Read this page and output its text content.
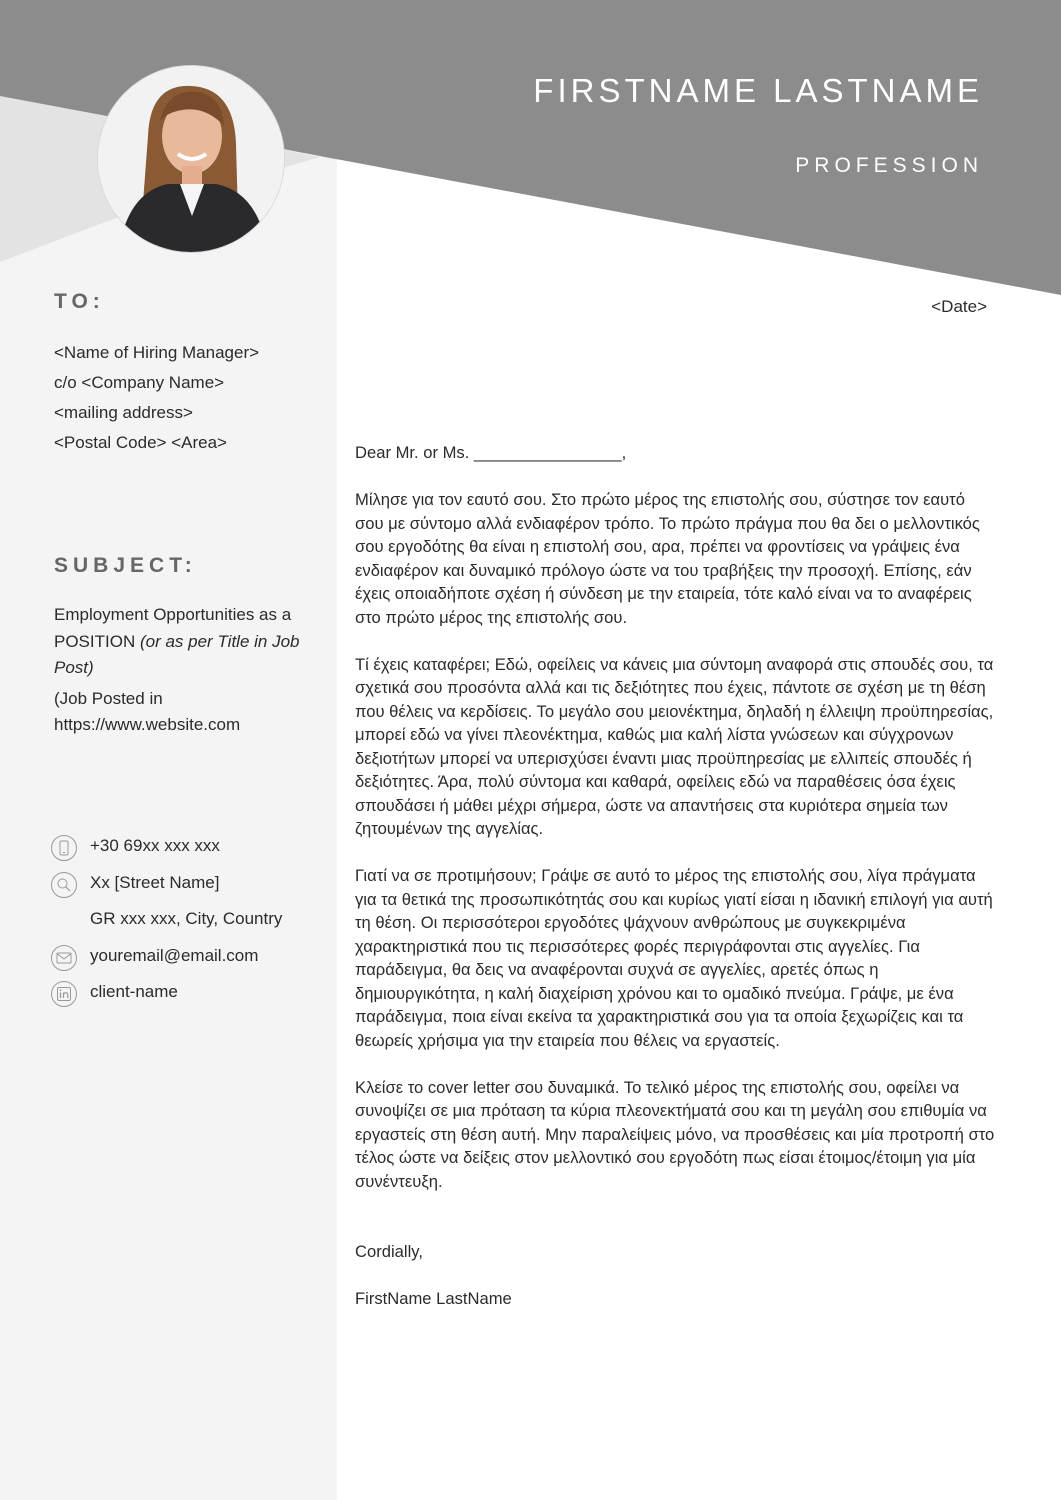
FIRSTNAME LASTNAME
PROFESSION
TO:
<Name of Hiring Manager>
c/o <Company Name>
<mailing address>
<Postal Code> <Area>
SUBJECT:
Employment Opportunities as a POSITION (or as per Title in Job Post)
(Job Posted in https://www.website.com
+30 69xx xxx xxx
Xx [Street Name]
GR xxx xxx, City, Country
youremail@email.com
client-name
<Date>

Dear Mr. or Ms. ________________,

Μίλησε για τον εαυτό σου. Στο πρώτο μέρος της επιστολής σου, σύστησε τον εαυτό σου με σύντομο αλλά ενδιαφέρον τρόπο. Το πρώτο πράγμα που θα δει ο μελλοντικός σου εργοδότης θα είναι η επιστολή σου, αρα, πρέπει να φροντίσεις να γράψεις ένα ενδιαφέρον και δυναμικό πρόλογο ώστε να του τραβήξεις την προσοχή. Επίσης, εάν έχεις οποιαδήποτε σχέση ή σύνδεση με την εταιρεία, τότε καλό είναι να το αναφέρεις στο πρώτο μέρος της επιστολής σου.

Τί έχεις καταφέρει; Εδώ, οφείλεις να κάνεις μια σύντομη αναφορά στις σπουδές σου, τα σχετικά σου προσόντα αλλά και τις δεξιότητες που έχεις, πάντοτε σε σχέση με τη θέση που θέλεις να κερδίσεις. Το μεγάλο σου μειονέκτημα, δηλαδή η έλλειψη προϋπηρεσίας, μπορεί εδώ να γίνει πλεονέκτημα, καθώς μια καλή λίστα γνώσεων και σύγχρονων δεξιοτήτων μπορεί να υπερισχύσει έναντι μιας προϋπηρεσίας με ελλιπείς σπουδές ή δεξιότητες. Άρα, πολύ σύντομα και καθαρά, οφείλεις εδώ να παραθέσεις όσα έχεις σπουδάσει ή μάθει μέχρι σήμερα, ώστε να απαντήσεις στα κυριότερα σημεία των ζητουμένων της αγγελίας.

Γιατί να σε προτιμήσουν; Γράψε σε αυτό το μέρος της επιστολής σου, λίγα πράγματα για τα θετικά της προσωπικότητάς σου και κυρίως γιατί είσαι η ιδανική επιλογή για αυτή τη θέση. Οι περισσότεροι εργοδότες ψάχνουν ανθρώπους με συγκεκριμένα χαρακτηριστικά που τις περισσότερες φορές περιγράφονται στις αγγελίες. Για παράδειγμα, θα δεις να αναφέρονται συχνά σε αγγελίες, αρετές όπως η δημιουργικότητα, η καλή διαχείριση χρόνου και το ομαδικό πνεύμα. Γράψε, με ένα παράδειγμα, ποια είναι εκείνα τα χαρακτηριστικά σου για τα οποία ξεχωρίζεις και τα θεωρείς χρήσιμα για την εταιρεία που θέλεις να εργαστείς.

Κλείσε το cover letter σου δυναμικά. Το τελικό μέρος της επιστολής σου, οφείλει να συνοψίζει σε μια πρόταση τα κύρια πλεονεκτήματά σου και τη μεγάλη σου επιθυμία να εργαστείς στη θέση αυτή. Μην παραλείψεις μόνο, να προσθέσεις και μία προτροπή στο τέλος ώστε να δείξεις στον μελλοντικό σου εργοδότη πως είσαι έτοιμος/έτοιμη για μία συνέντευξη.

Cordially,

FirstName LastName
